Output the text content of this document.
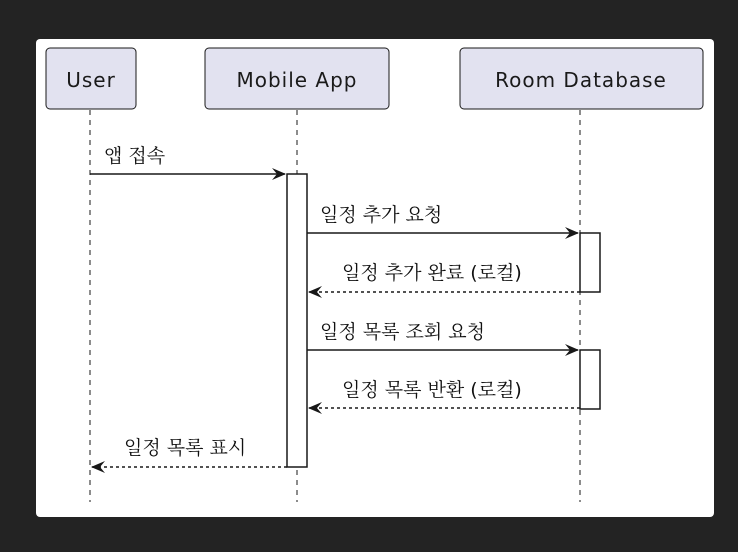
User	Mobile App	Room Database
앱 접속
일정 추가 요청
일정 추가 완료 (로컬)
일정 목록 조회 요청
일정 목록 반환 (로컬)
일정 목록 표시
